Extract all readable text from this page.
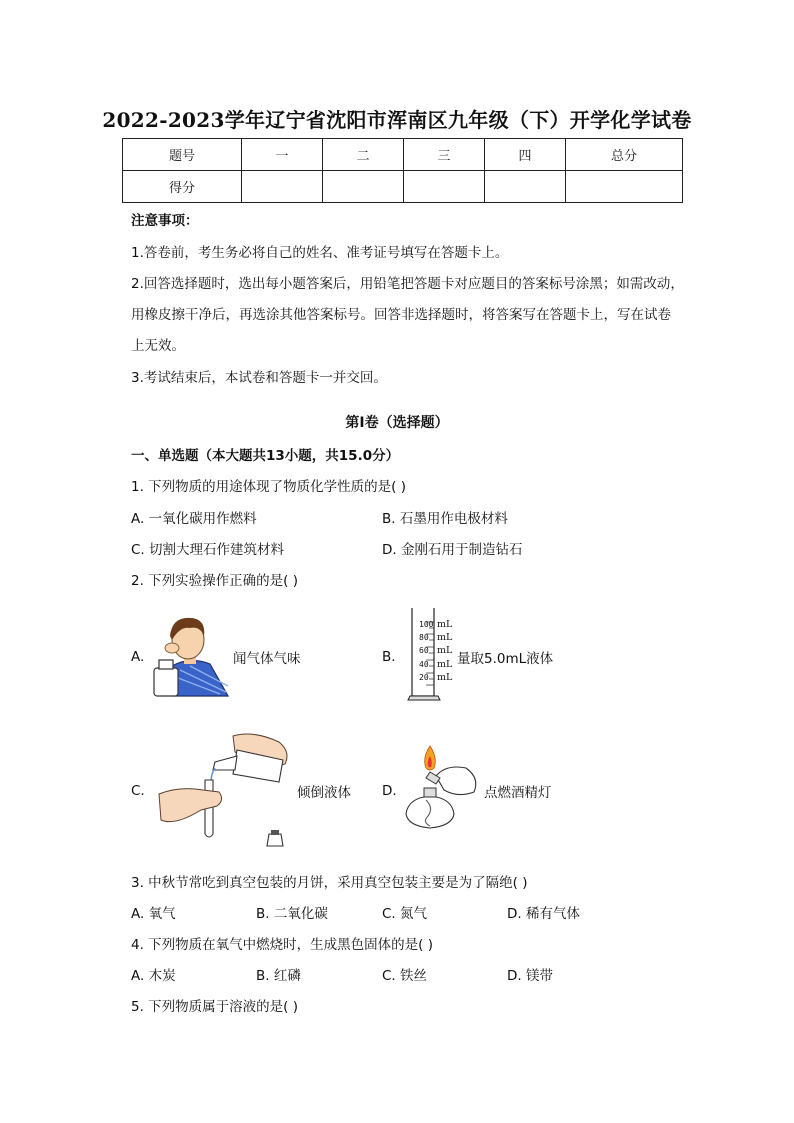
2022-2023学年辽宁省沈阳市浑南区九年级（下）开学化学试卷
题号	一	二	三	四	总分
得分					
注意事项：
1.答卷前，考生务必将自己的姓名、准考证号填写在答题卡上。
2.回答选择题时，选出每小题答案后，用铅笔把答题卡对应题目的答案标号涂黑；如需改动，
用橡皮擦干净后，再选涂其他答案标号。回答非选择题时，将答案写在答题卡上，写在试卷
上无效。
3.考试结束后，本试卷和答题卡一并交回。
第I卷（选择题）
一、单选题（本大题共13小题，共15.0分）
1. 下列物质的用途体现了物质化学性质的是( )
A. 一氧化碳用作燃料	B. 石墨用作电极材料
C. 切割大理石作建筑材料	D. 金刚石用于制造钻石
2. 下列实验操作正确的是( )
A.	闻气体气味	B.
100
80
60
40
20
mL
mL
mL
mL
mL
量取5.0mL液体
C.	倾倒液体 D.	点燃酒精灯
3. 中秋节常吃到真空包装的月饼，采用真空包装主要是为了隔绝( )
A. 氧气	B. 二氧化碳	C. 氮气	D. 稀有气体
4. 下列物质在氧气中燃烧时，生成黑色固体的是( )
A. 木炭	B. 红磷	C. 铁丝	D. 镁带
5. 下列物质属于溶液的是( )
